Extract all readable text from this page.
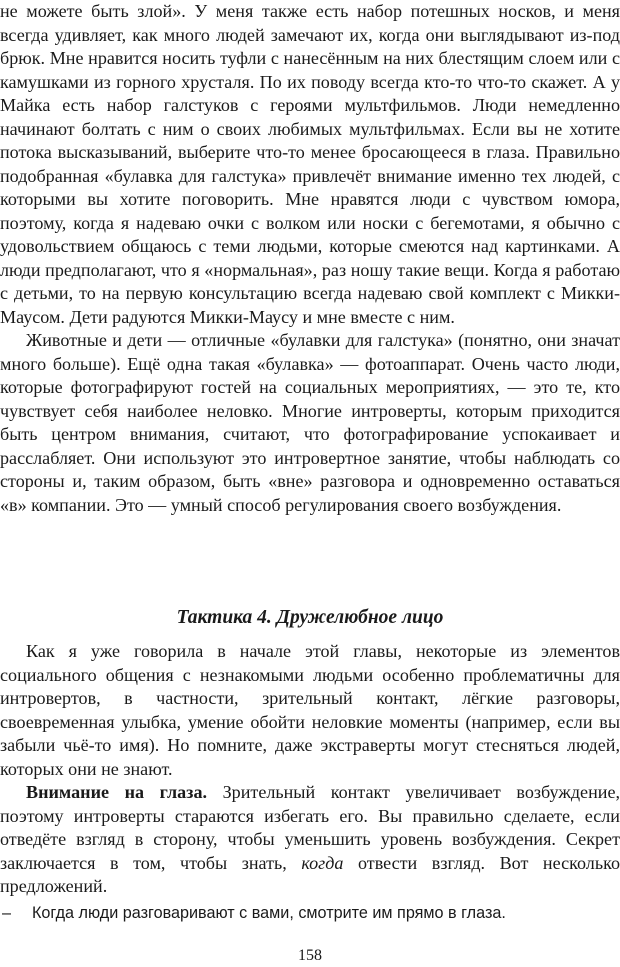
не можете быть злой». У меня также есть набор потешных носков, и меня всегда удивляет, как много людей замечают их, когда они выглядывают из-под брюк. Мне нравится носить туфли с нанесённым на них блестящим слоем или с камушками из горного хрусталя. По их поводу всегда кто-то что-то скажет. А у Майка есть набор галстуков с героями мультфильмов. Люди немедленно начинают болтать с ним о своих любимых мультфильмах. Если вы не хотите потока высказываний, выберите что-то менее бросающееся в глаза. Правильно подобранная «булавка для галстука» привлечёт внимание именно тех людей, с которыми вы хотите поговорить. Мне нравятся люди с чувством юмора, поэтому, когда я надеваю очки с волком или носки с бегемотами, я обычно с удовольствием общаюсь с теми людьми, которые смеются над картинками. А люди предполагают, что я «нормальная», раз ношу такие вещи. Когда я работаю с детьми, то на первую консультацию всегда надеваю свой комплект с Микки-Маусом. Дети радуются Микки-Маусу и мне вместе с ним.

Животные и дети — отличные «булавки для галстука» (понятно, они значат много больше). Ещё одна такая «булавка» — фотоаппарат. Очень часто люди, которые фотографируют гостей на социальных мероприятиях, — это те, кто чувствует себя наиболее неловко. Многие интроверты, которым приходится быть центром внимания, считают, что фотографирование успокаивает и расслабляет. Они используют это интровертное занятие, чтобы наблюдать со стороны и, таким образом, быть «вне» разговора и одновременно оставаться «в» компании. Это — умный способ регулирования своего возбуждения.

Тактика 4. Дружелюбное лицо

Как я уже говорила в начале этой главы, некоторые из элементов социального общения с незнакомыми людьми особенно проблематичны для интровертов, в частности, зрительный контакт, лёгкие разговоры, своевременная улыбка, умение обойти неловкие моменты (например, если вы забыли чьё-то имя). Но помните, даже экстраверты могут стесняться людей, которых они не знают.

Внимание на глаза. Зрительный контакт увеличивает возбуждение, поэтому интроверты стараются избегать его. Вы правильно сделаете, если отведёте взгляд в сторону, чтобы уменьшить уровень возбуждения. Секрет заключается в том, чтобы знать, когда отвести взгляд. Вот несколько предложений.

– Когда люди разговаривают с вами, смотрите им прямо в глаза.
158
